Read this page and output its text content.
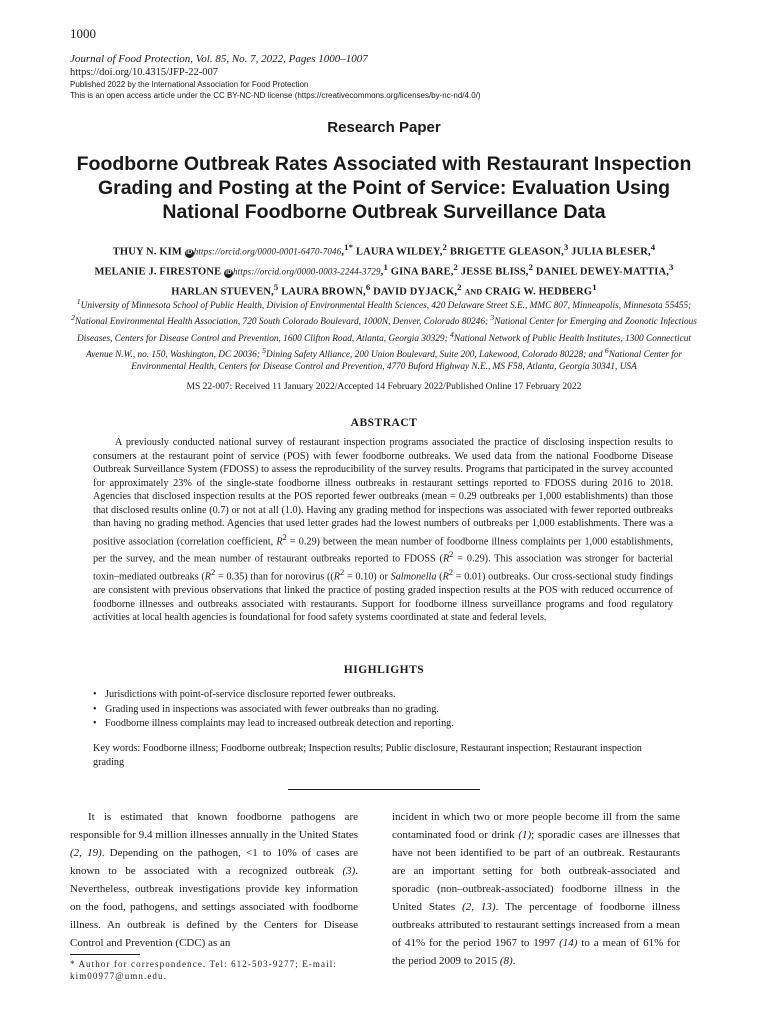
1000
Journal of Food Protection, Vol. 85, No. 7, 2022, Pages 1000–1007
https://doi.org/10.4315/JFP-22-007
Published 2022 by the International Association for Food Protection
This is an open access article under the CC BY-NC-ND license (https://creativecommons.org/licenses/by-nc-nd/4.0/)
Research Paper
Foodborne Outbreak Rates Associated with Restaurant Inspection Grading and Posting at the Point of Service: Evaluation Using National Foodborne Outbreak Surveillance Data
THUY N. KIM iDhttps://orcid.org/0000-0001-6470-7046,$^{1*}$ LAURA WILDEY,$^2$ BRIGETTE GLEASON,$^3$ JULIA BLESER,$^4$
MELANIE J. FIRESTONE iDhttps://orcid.org/0000-0003-2244-3729,$^1$ GINA BARE,$^2$ JESSE BLISS,$^2$ DANIEL DEWEY-MATTIA,$^3$
HARLAN STUEVEN,$^5$ LAURA BROWN,$^6$ DAVID DYJACK,$^2$ AND CRAIG W. HEDBERG$^1$
$^1$University of Minnesota School of Public Health, Division of Environmental Health Sciences, 420 Delaware Street S.E., MMC 807, Minneapolis, Minnesota 55455; $^2$National Environmental Health Association, 720 South Colorado Boulevard, 1000N, Denver, Colorado 80246; $^3$National Center for Emerging and Zoonotic Infectious Diseases, Centers for Disease Control and Prevention, 1600 Clifton Road, Atlanta, Georgia 30329; $^4$National Network of Public Health Institutes, 1300 Connecticut Avenue N.W., no. 150, Washington, DC 20036; $^5$Dining Safety Alliance, 200 Union Boulevard, Suite 200, Lakewood, Colorado 80228; and $^6$National Center for Environmental Health, Centers for Disease Control and Prevention, 4770 Buford Highway N.E., MS F58, Atlanta, Georgia 30341, USA
MS 22-007: Received 11 January 2022/Accepted 14 February 2022/Published Online 17 February 2022
ABSTRACT
A previously conducted national survey of restaurant inspection programs associated the practice of disclosing inspection results to consumers at the restaurant point of service (POS) with fewer foodborne outbreaks. We used data from the national Foodborne Disease Outbreak Surveillance System (FDOSS) to assess the reproducibility of the survey results. Programs that participated in the survey accounted for approximately 23% of the single-state foodborne illness outbreaks in restaurant settings reported to FDOSS during 2016 to 2018. Agencies that disclosed inspection results at the POS reported fewer outbreaks (mean = 0.29 outbreaks per 1,000 establishments) than those that disclosed results online (0.7) or not at all (1.0). Having any grading method for inspections was associated with fewer reported outbreaks than having no grading method. Agencies that used letter grades had the lowest numbers of outbreaks per 1,000 establishments. There was a positive association (correlation coefficient, $R^2 = 0.29$) between the mean number of foodborne illness complaints per 1,000 establishments, per the survey, and the mean number of restaurant outbreaks reported to FDOSS $(R^2 = 0.29)$. This association was stronger for bacterial toxin–mediated outbreaks $(R^2 = 0.35)$ than for norovirus ($(R^2 = 0.10)$ or Salmonella $(R^2 = 0.01)$ outbreaks. Our cross-sectional study findings are consistent with previous observations that linked the practice of posting graded inspection results at the POS with reduced occurrence of foodborne illnesses and outbreaks associated with restaurants. Support for foodborne illness surveillance programs and food regulatory activities at local health agencies is foundational for food safety systems coordinated at state and federal levels.
HIGHLIGHTS
• Jurisdictions with point-of-service disclosure reported fewer outbreaks.
• Grading used in inspections was associated with fewer outbreaks than no grading.
• Foodborne illness complaints may lead to increased outbreak detection and reporting.
Key words: Foodborne illness; Foodborne outbreak; Inspection results; Public disclosure, Restaurant inspection; Restaurant inspection grading
It is estimated that known foodborne pathogens are responsible for 9.4 million illnesses annually in the United States (2, 19). Depending on the pathogen, <1 to 10% of cases are known to be associated with a recognized outbreak (3). Nevertheless, outbreak investigations provide key information on the food, pathogens, and settings associated with foodborne illness. An outbreak is defined by the Centers for Disease Control and Prevention (CDC) as an
incident in which two or more people become ill from the same contaminated food or drink (1); sporadic cases are illnesses that have not been identified to be part of an outbreak. Restaurants are an important setting for both outbreak-associated and sporadic (non–outbreak-associated) foodborne illness in the United States (2, 13). The percentage of foodborne illness outbreaks attributed to restaurant settings increased from a mean of 41% for the period 1967 to 1997 (14) to a mean of 61% for the period 2009 to 2015 (8).
* Author for correspondence. Tel: 612-503-9277; E-mail: kim00977@umn.edu.
